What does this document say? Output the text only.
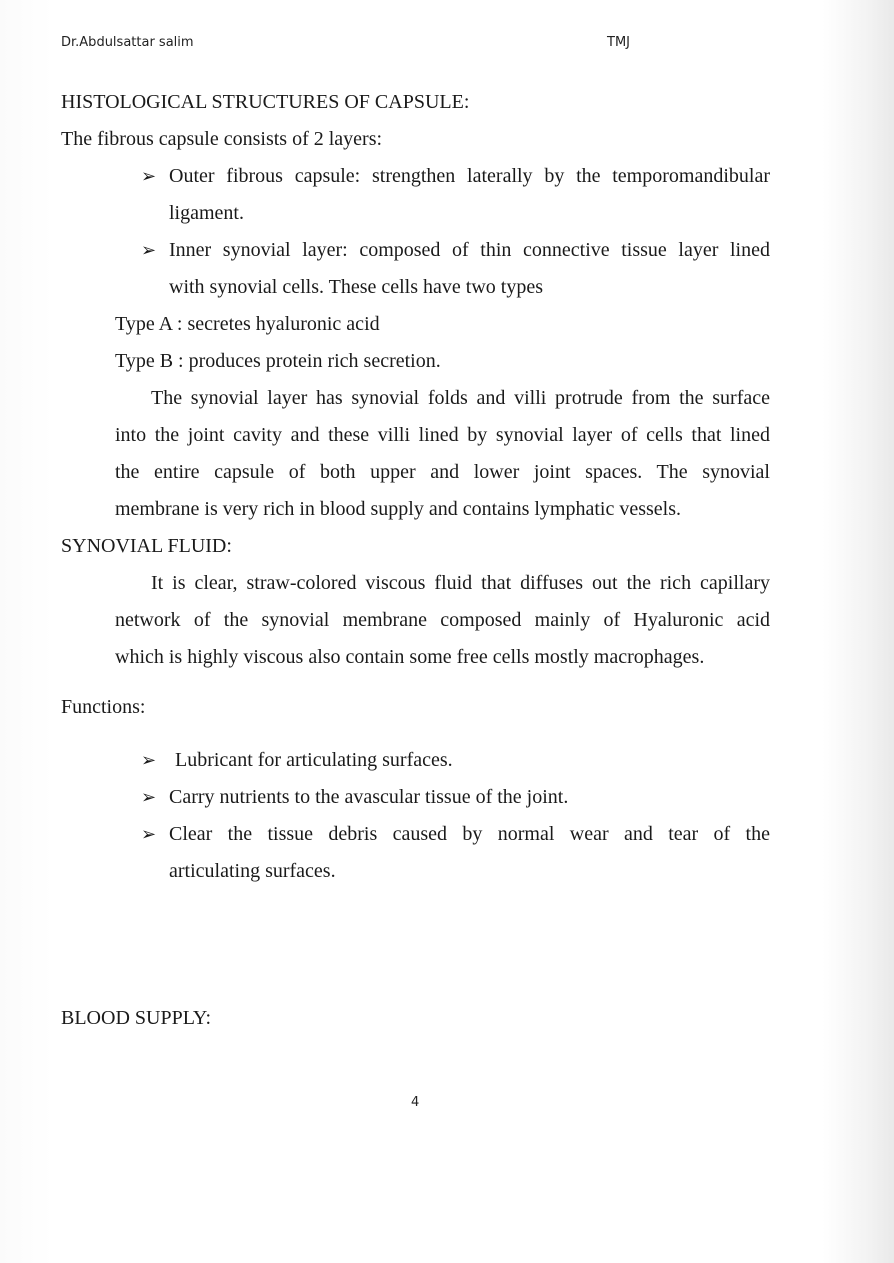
Dr.Abdulsattar salim	TMJ
HISTOLOGICAL STRUCTURES OF CAPSULE:
The fibrous capsule consists of 2 layers:
➢ Outer fibrous capsule: strengthen laterally by the temporomandibular
ligament.
➢ Inner synovial layer: composed of thin connective tissue layer lined
with synovial cells. These cells have two types
Type A : secretes hyaluronic acid
Type B : produces protein rich secretion.
The synovial layer has synovial folds and villi protrude from the surface
into the joint cavity and these villi lined by synovial layer of cells that lined
the entire capsule of both upper and lower joint spaces. The synovial
membrane is very rich in blood supply and contains lymphatic vessels.
SYNOVIAL FLUID:
It is clear, straw-colored viscous fluid that diffuses out the rich capillary
network of the synovial membrane composed mainly of Hyaluronic acid
which is highly viscous also contain some free cells mostly macrophages.
Functions:
➢ Lubricant for articulating surfaces.
➢ Carry nutrients to the avascular tissue of the joint.
➢ Clear the tissue debris caused by normal wear and tear of the
articulating surfaces.
BLOOD SUPPLY:
4
